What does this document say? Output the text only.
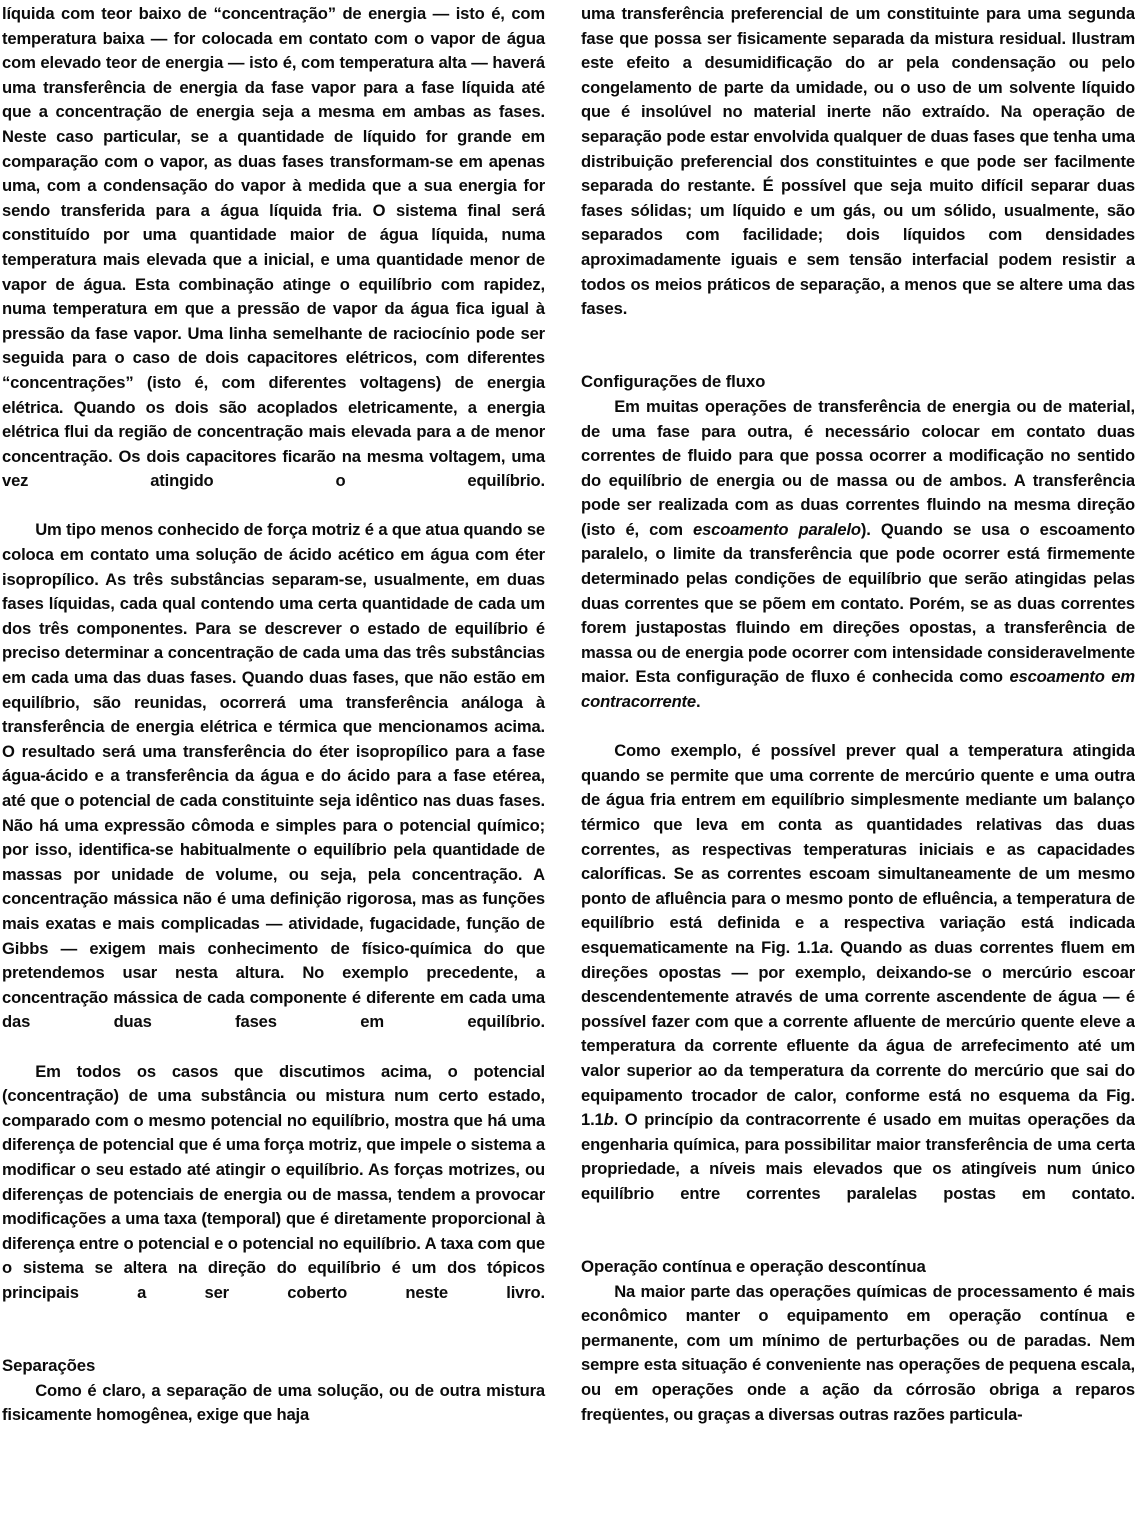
líquida com teor baixo de “concentração” de energia — isto é, com temperatura baixa — for colocada em contato com o vapor de água com elevado teor de energia — isto é, com temperatura alta — haverá uma transferência de energia da fase vapor para a fase líquida até que a concentração de energia seja a mesma em ambas as fases. Neste caso particular, se a quantidade de líquido for grande em comparação com o vapor, as duas fases transformam-se em apenas uma, com a condensação do vapor à medida que a sua energia for sendo transferida para a água líquida fria. O sistema final será constituído por uma quantidade maior de água líquida, numa temperatura mais elevada que a inicial, e uma quantidade menor de vapor de água. Esta combinação atinge o equilíbrio com rapidez, numa temperatura em que a pressão de vapor da água fica igual à pressão da fase vapor. Uma linha semelhante de raciocínio pode ser seguida para o caso de dois capacitores elétricos, com diferentes “concentrações” (isto é, com diferentes voltagens) de energia elétrica. Quando os dois são acoplados eletricamente, a energia elétrica flui da região de concentração mais elevada para a de menor concentração. Os dois capacitores ficarão na mesma voltagem, uma vez atingido o equilíbrio.

Um tipo menos conhecido de força motriz é a que atua quando se coloca em contato uma solução de ácido acético em água com éter isopropílico. As três substâncias separam-se, usualmente, em duas fases líquidas, cada qual contendo uma certa quantidade de cada um dos três componentes. Para se descrever o estado de equilíbrio é preciso determinar a concentração de cada uma das três substâncias em cada uma das duas fases. Quando duas fases, que não estão em equilíbrio, são reunidas, ocorrerá uma transferência análoga à transferência de energia elétrica e térmica que mencionamos acima. O resultado será uma transferência do éter isopropílico para a fase água-ácido e a transferência da água e do ácido para a fase etérea, até que o potencial de cada constituinte seja idêntico nas duas fases. Não há uma expressão cômoda e simples para o potencial químico; por isso, identifica-se habitualmente o equilíbrio pela quantidade de massas por unidade de volume, ou seja, pela concentração. A concentração mássica não é uma definição rigorosa, mas as funções mais exatas e mais complicadas — atividade, fugacidade, função de Gibbs — exigem mais conhecimento de físico-química do que pretendemos usar nesta altura. No exemplo precedente, a concentração mássica de cada componente é diferente em cada uma das duas fases em equilíbrio.

Em todos os casos que discutimos acima, o potencial (concentração) de uma substância ou mistura num certo estado, comparado com o mesmo potencial no equilíbrio, mostra que há uma diferença de potencial que é uma força motriz, que impele o sistema a modificar o seu estado até atingir o equilíbrio. As forças motrizes, ou diferenças de potenciais de energia ou de massa, tendem a provocar modificações a uma taxa (temporal) que é diretamente proporcional à diferença entre o potencial e o potencial no equilíbrio. A taxa com que o sistema se altera na direção do equilíbrio é um dos tópicos principais a ser coberto neste livro.

Separações

Como é claro, a separação de uma solução, ou de outra mistura fisicamente homogênea, exige que haja

uma transferência preferencial de um constituinte para uma segunda fase que possa ser fisicamente separada da mistura residual. Ilustram este efeito a desumidificação do ar pela condensação ou pelo congelamento de parte da umidade, ou o uso de um solvente líquido que é insolúvel no material inerte não extraído. Na operação de separação pode estar envolvida qualquer de duas fases que tenha uma distribuição preferencial dos constituintes e que pode ser facilmente separada do restante. É possível que seja muito difícil separar duas fases sólidas; um líquido e um gás, ou um sólido, usualmente, são separados com facilidade; dois líquidos com densidades aproximadamente iguais e sem tensão interfacial podem resistir a todos os meios práticos de separação, a menos que se altere uma das fases.

Configurações de fluxo

Em muitas operações de transferência de energia ou de material, de uma fase para outra, é necessário colocar em contato duas correntes de fluido para que possa ocorrer a modificação no sentido do equilíbrio de energia ou de massa ou de ambos. A transferência pode ser realizada com as duas correntes fluindo na mesma direção (isto é, com escoamento paralelo). Quando se usa o escoamento paralelo, o limite da transferência que pode ocorrer está firmemente determinado pelas condições de equilíbrio que serão atingidas pelas duas correntes que se põem em contato. Porém, se as duas correntes forem justapostas fluindo em direções opostas, a transferência de massa ou de energia pode ocorrer com intensidade consideravelmente maior. Esta configuração de fluxo é conhecida como escoamento em contracorrente.

Como exemplo, é possível prever qual a temperatura atingida quando se permite que uma corrente de mercúrio quente e uma outra de água fria entrem em equilíbrio simplesmente mediante um balanço térmico que leva em conta as quantidades relativas das duas correntes, as respectivas temperaturas iniciais e as capacidades caloríficas. Se as correntes escoam simultaneamente de um mesmo ponto de afluência para o mesmo ponto de efluência, a temperatura de equilíbrio está definida e a respectiva variação está indicada esquematicamente na Fig. 1.1a. Quando as duas correntes fluem em direções opostas — por exemplo, deixando-se o mercúrio escoar descendentemente através de uma corrente ascendente de água — é possível fazer com que a corrente afluente de mercúrio quente eleve a temperatura da corrente efluente da água de arrefecimento até um valor superior ao da temperatura da corrente do mercúrio que sai do equipamento trocador de calor, conforme está no esquema da Fig. 1.1b. O princípio da contracorrente é usado em muitas operações da engenharia química, para possibilitar maior transferência de uma certa propriedade, a níveis mais elevados que os atingíveis num único equilíbrio entre correntes paralelas postas em contato.

Operação contínua e operação descontínua

Na maior parte das operações químicas de processamento é mais econômico manter o equipamento em operação contínua e permanente, com um mínimo de perturbações ou de paradas. Nem sempre esta situação é conveniente nas operações de pequena escala, ou em operações onde a ação da córrosão obriga a reparos freqüentes, ou graças a diversas outras razões particula-
